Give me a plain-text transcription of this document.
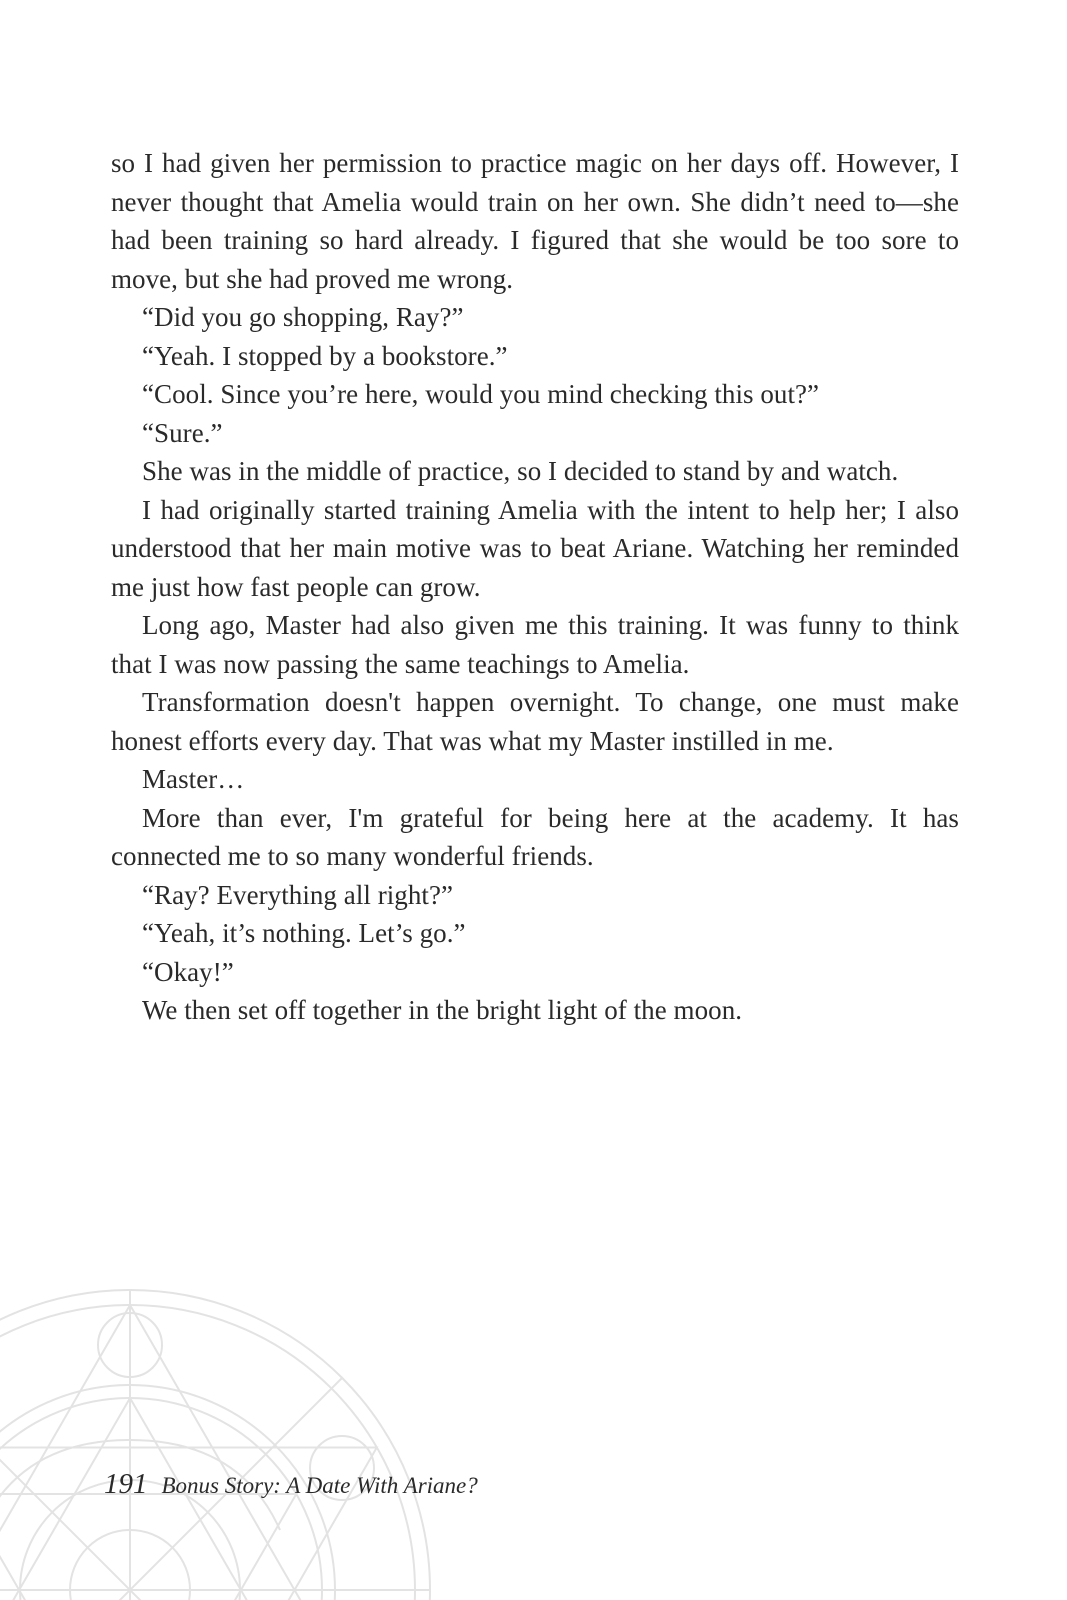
so I had given her permission to practice magic on her days off. However, I never thought that Amelia would train on her own. She didn’t need to—she had been training so hard already. I figured that she would be too sore to move, but she had proved me wrong.

“Did you go shopping, Ray?”

“Yeah. I stopped by a bookstore.”

“Cool. Since you’re here, would you mind checking this out?”

“Sure.”

She was in the middle of practice, so I decided to stand by and watch.

I had originally started training Amelia with the intent to help her; I also understood that her main motive was to beat Ariane. Watching her reminded me just how fast people can grow.

Long ago, Master had also given me this training. It was funny to think that I was now passing the same teachings to Amelia.

Transformation doesn't happen overnight. To change, one must make honest efforts every day. That was what my Master instilled in me.

Master…

More than ever, I'm grateful for being here at the academy. It has connected me to so many wonderful friends.

“Ray? Everything all right?”

“Yeah, it’s nothing. Let’s go.”

“Okay!”

We then set off together in the bright light of the moon.

191 Bonus Story: A Date With Ariane?
